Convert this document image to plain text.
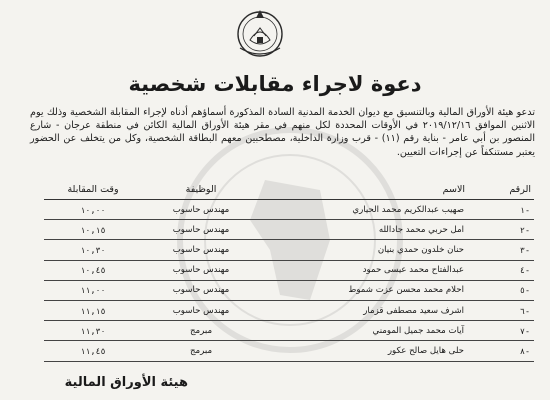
دعوة لاجراء مقابلات شخصية
تدعو هيئة الأوراق المالية وبالتنسيق مع ديوان الخدمة المدنية السادة المذكورة أسماؤهم أدناه لإجراء المقابلة الشخصية وذلك يوم الاثنين الموافق ٢٠١٩/١٢/١٦ في الأوقات المحددة لكل منهم في مقر هيئة الأوراق المالية الكائن في منطقة عرجان - شارع المنصور بن أبي عامر - بناية رقم (١١) - قرب وزارة الداخلية، مصطحبين معهم البطاقة الشخصية، وكل من يتخلف عن الحضور يعتبر مستنكفاً عن إجراءات التعيين.
الرقم	الاسم	الوظيفة	وقت المقابلة
-١	صهيب عبدالكريم محمد الحياري	مهندس حاسوب	١٠,٠٠
-٢	امل حربي محمد جادالله	مهندس حاسوب	١٠,١٥
-٣	حنان خلدون حمدي بنيان	مهندس حاسوب	١٠,٣٠
-٤	عبدالفتاح محمد عيسى حمود	مهندس حاسوب	١٠,٤٥
-٥	احلام محمد محسن عزت شموط	مهندس حاسوب	١١,٠٠
-٦	اشرف سعيد مصطفى قزمار	مهندس حاسوب	١١,١٥
-٧	آيات محمد جميل المومني	مبرمج	١١,٣٠
-٨	حلى هايل صالح عكور	مبرمج	١١,٤٥
هيئة الأوراق المالية
